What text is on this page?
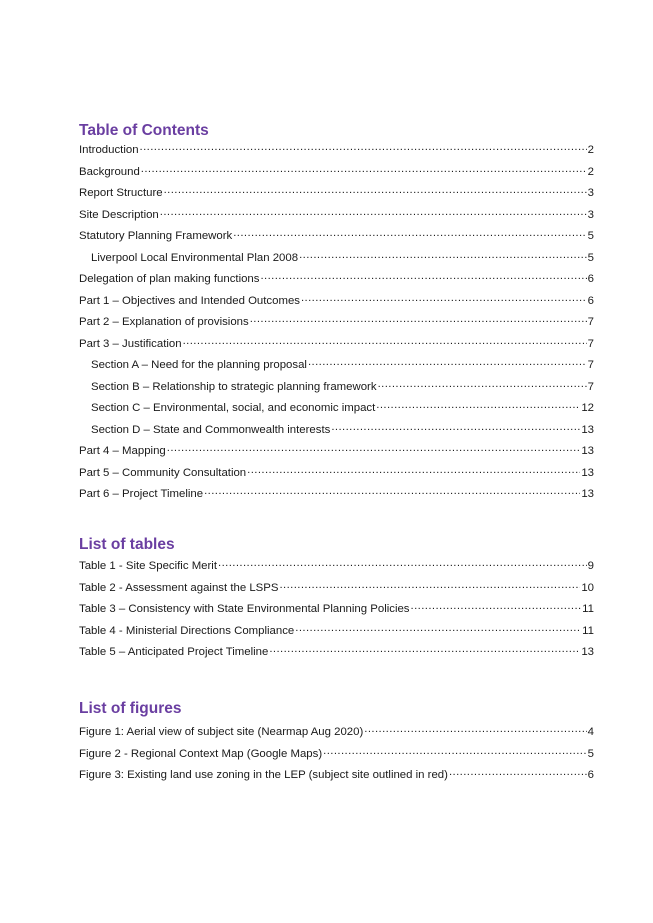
Table of Contents
Introduction .....	2
Background .....	2
Report Structure .....	3
Site Description .....	3
Statutory Planning Framework .....	5
Liverpool Local Environmental Plan 2008 .....	5
Delegation of plan making functions .....	6
Part 1 – Objectives and Intended Outcomes .....	6
Part 2 – Explanation of provisions .....	7
Part 3 – Justification .....	7
Section A – Need for the planning proposal .....	7
Section B – Relationship to strategic planning framework .....	7
Section C – Environmental, social, and economic impact .....	12
Section D – State and Commonwealth interests .....	13
Part 4 – Mapping .....	13
Part 5 – Community Consultation .....	13
Part 6 – Project Timeline .....	13
List of tables
Table 1 - Site Specific Merit .....	9
Table 2 - Assessment against the LSPS .....	10
Table 3 – Consistency with State Environmental Planning Policies .....	11
Table 4 - Ministerial Directions Compliance .....	11
Table 5 – Anticipated Project Timeline .....	13
List of figures
Figure 1: Aerial view of subject site (Nearmap Aug 2020) .....	4
Figure 2 - Regional Context Map (Google Maps) .....	5
Figure 3: Existing land use zoning in the LEP (subject site outlined in red) .....	6
